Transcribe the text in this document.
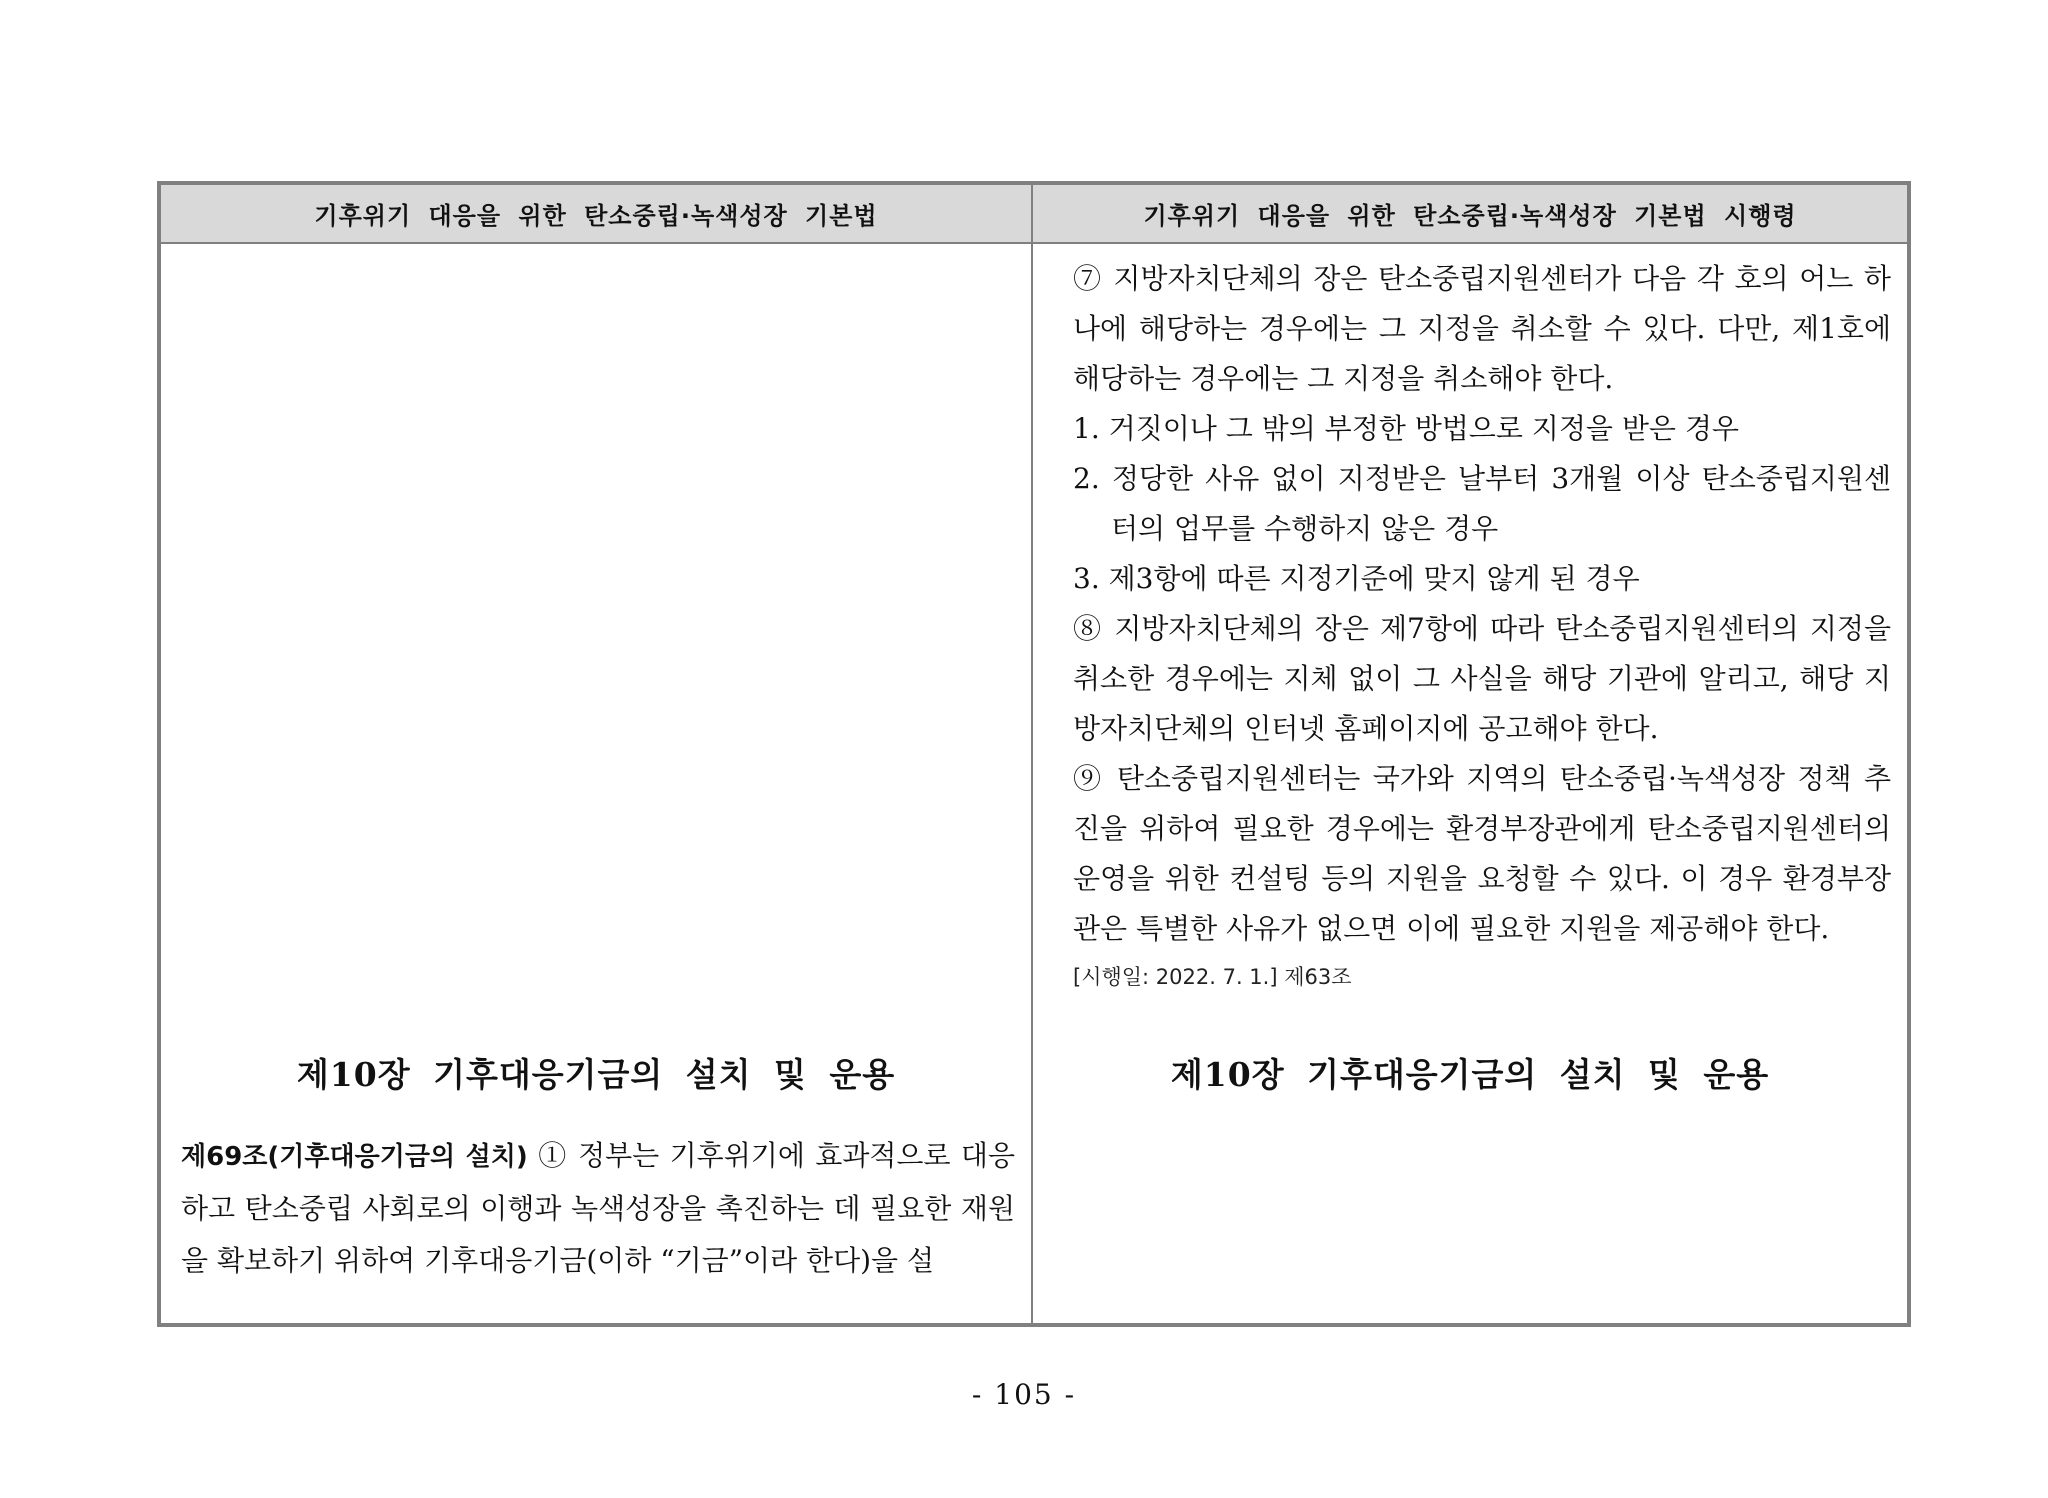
기후위기 대응을 위한 탄소중립·녹색성장 기본법	기후위기 대응을 위한 탄소중립·녹색성장 기본법 시행령
제10장 기후대응기금의 설치 및 운용
제69조(기후대응기금의 설치) ① 정부는 기후위기에 효과적으로 대응하고 탄소중립 사회로의 이행과 녹색성장을 촉진하는 데 필요한 재원을 확보하기 위하여 기후대응기금(이하 “기금”이라 한다)을 설

⑦ 지방자치단체의 장은 탄소중립지원센터가 다음 각 호의 어느 하나에 해당하는 경우에는 그 지정을 취소할 수 있다. 다만, 제1호에 해당하는 경우에는 그 지정을 취소해야 한다.

1. 거짓이나 그 밖의 부정한 방법으로 지정을 받은 경우

2. 정당한 사유 없이 지정받은 날부터 3개월 이상 탄소중립지원센터의 업무를 수행하지 않은 경우

3. 제3항에 따른 지정기준에 맞지 않게 된 경우

⑧ 지방자치단체의 장은 제7항에 따라 탄소중립지원센터의 지정을 취소한 경우에는 지체 없이 그 사실을 해당 기관에 알리고, 해당 지방자치단체의 인터넷 홈페이지에 공고해야 한다.

⑨ 탄소중립지원센터는 국가와 지역의 탄소중립·녹색성장 정책 추진을 위하여 필요한 경우에는 환경부장관에게 탄소중립지원센터의 운영을 위한 컨설팅 등의 지원을 요청할 수 있다. 이 경우 환경부장관은 특별한 사유가 없으면 이에 필요한 지원을 제공해야 한다.

[시행일: 2022. 7. 1.] 제63조

제10장 기후대응기금의 설치 및 운용
- 105 -
